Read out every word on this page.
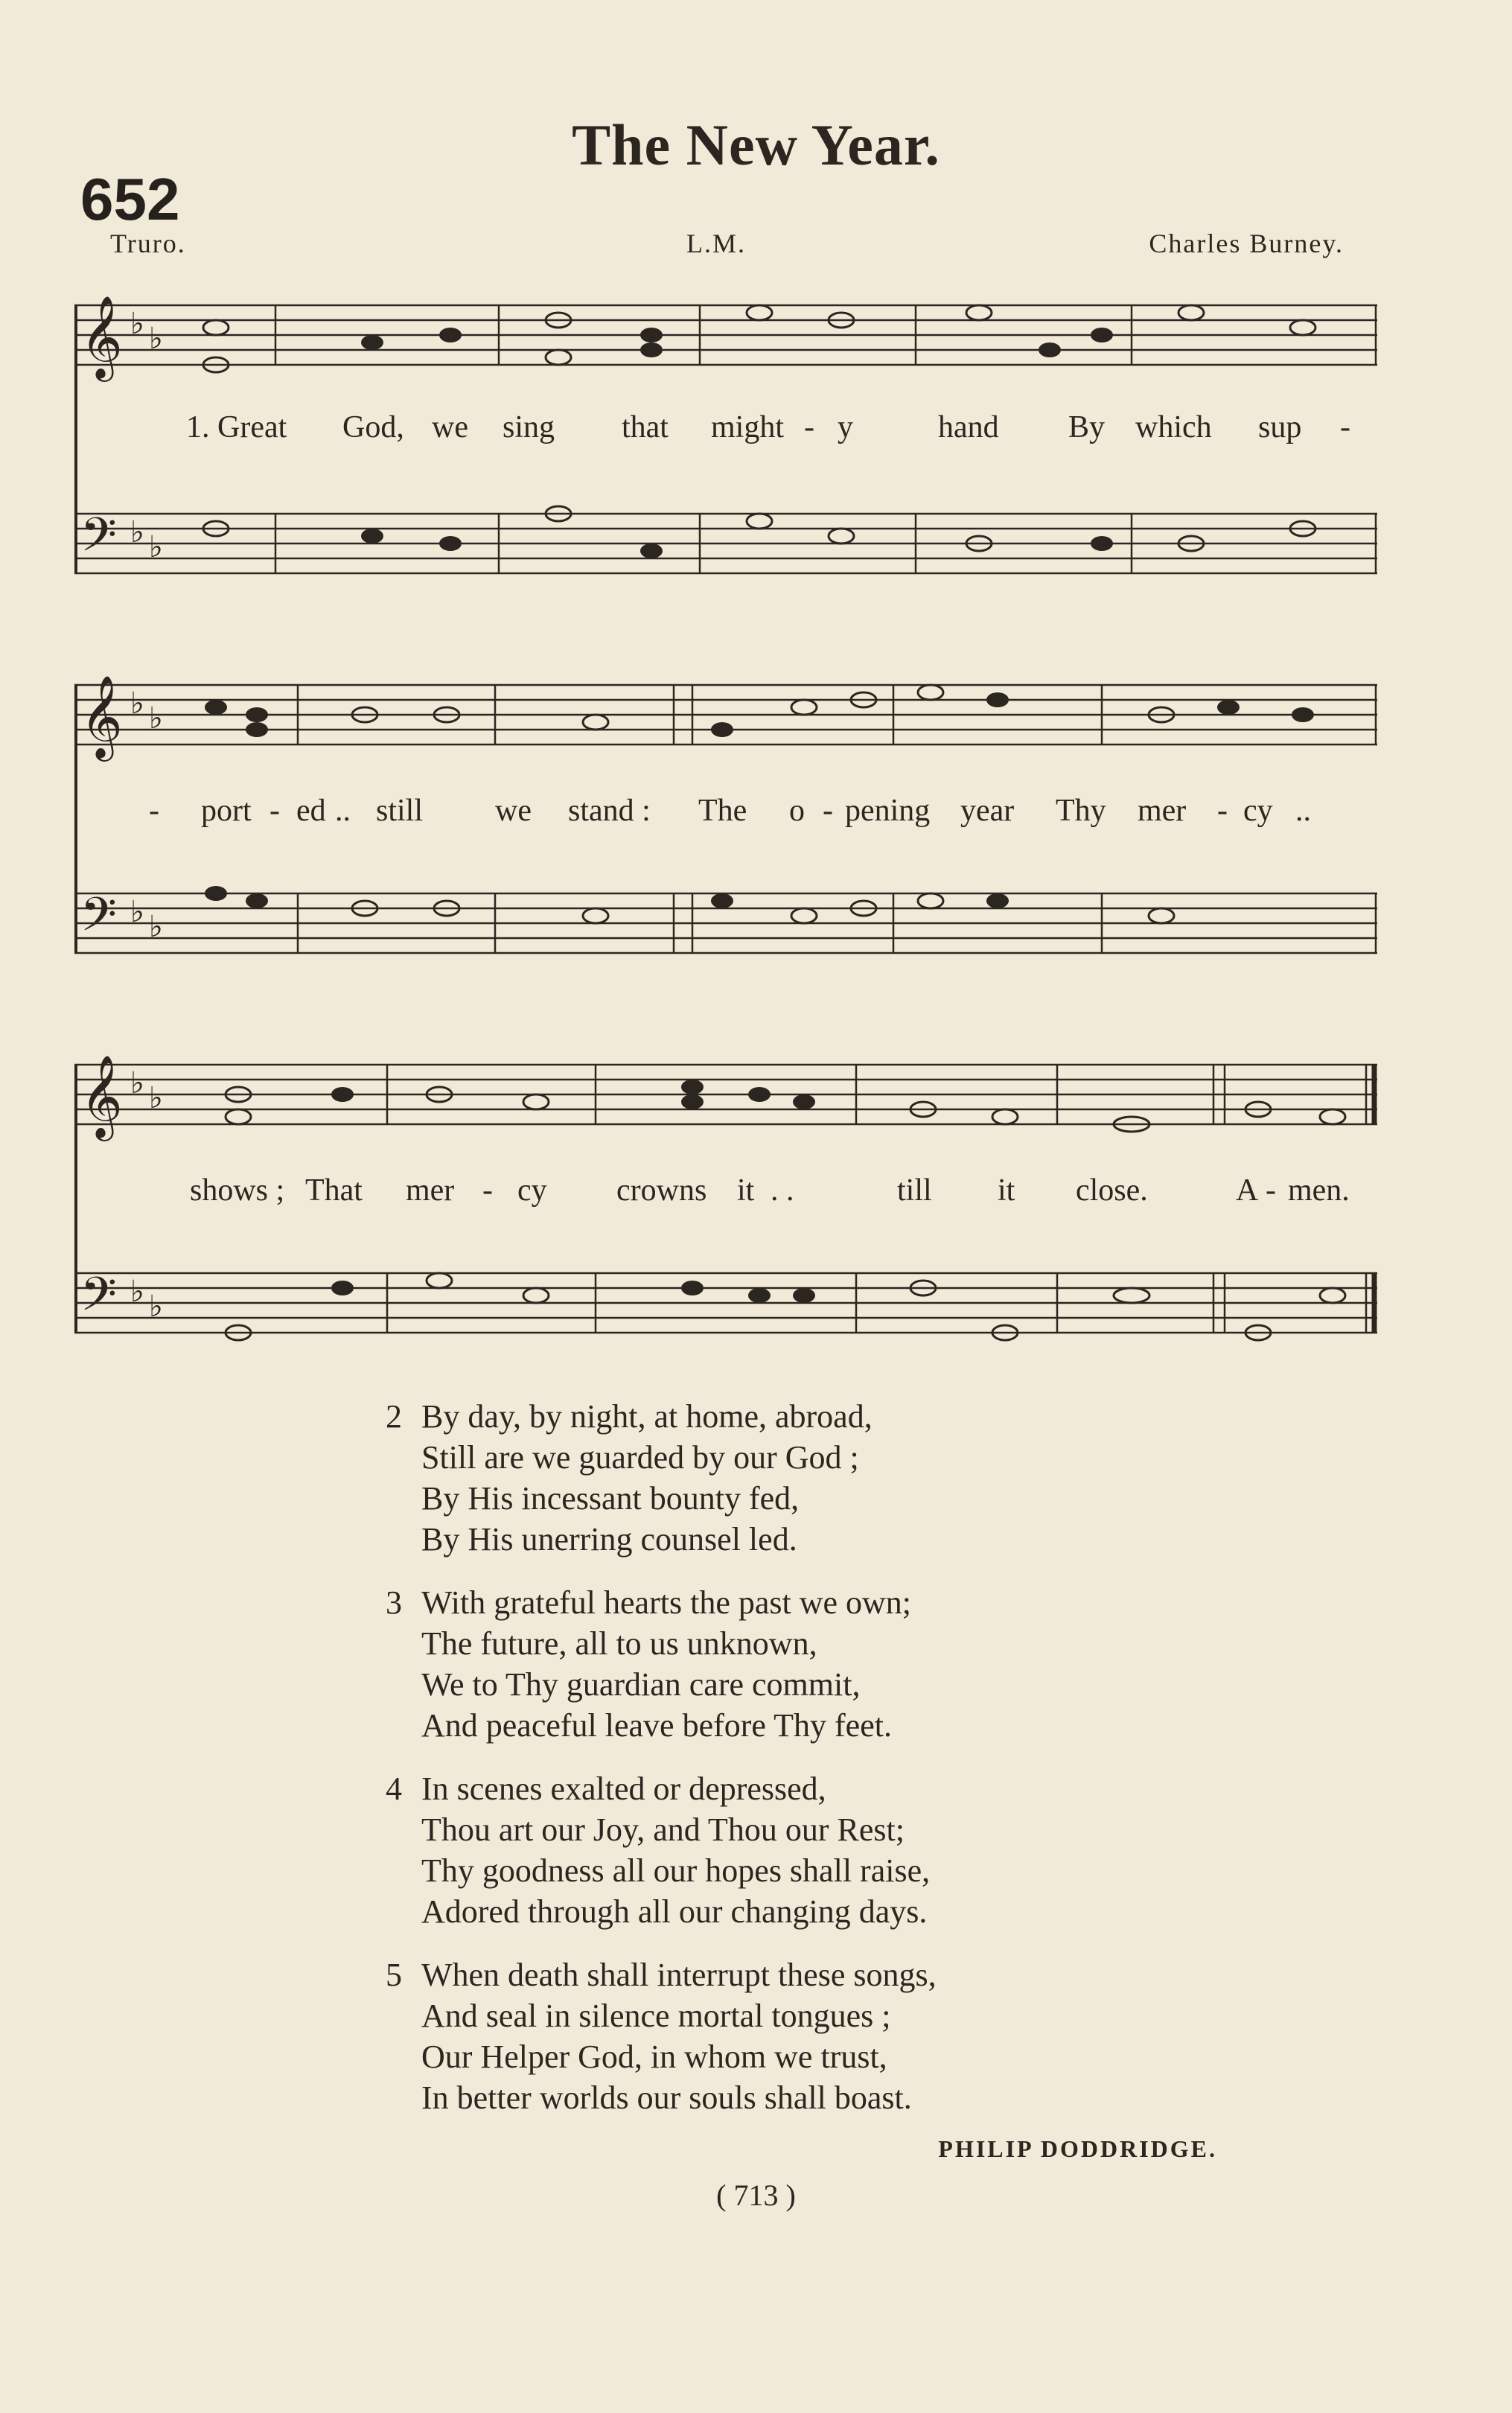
The New Year.
652
Truro.	L.M.	Charles Burney.
𝄞
𝄢
♭ ♭
♭ ♭
1. Great God, we sing that might - y	hand By which sup -
𝄞
𝄢
♭ ♭
♭ ♭
- port - ed .. still we stand : The o - pening year Thy mer - cy ..
𝄞
𝄢
♭ ♭
♭ ♭
shows ; That mer - cy crowns it . .	till it close.	A - men.
2 By day, by night, at home, abroad,
Still are we guarded by our God ;
By His incessant bounty fed,
By His unerring counsel led.
3 With grateful hearts the past we own;
The future, all to us unknown,
We to Thy guardian care commit,
And peaceful leave before Thy feet.
4 In scenes exalted or depressed,
Thou art our Joy, and Thou our Rest;
Thy goodness all our hopes shall raise,
Adored through all our changing days.
5 When death shall interrupt these songs,
And seal in silence mortal tongues ;
Our Helper God, in whom we trust,
In better worlds our souls shall boast.
PHILIP DODDRIDGE.
( 713 )
